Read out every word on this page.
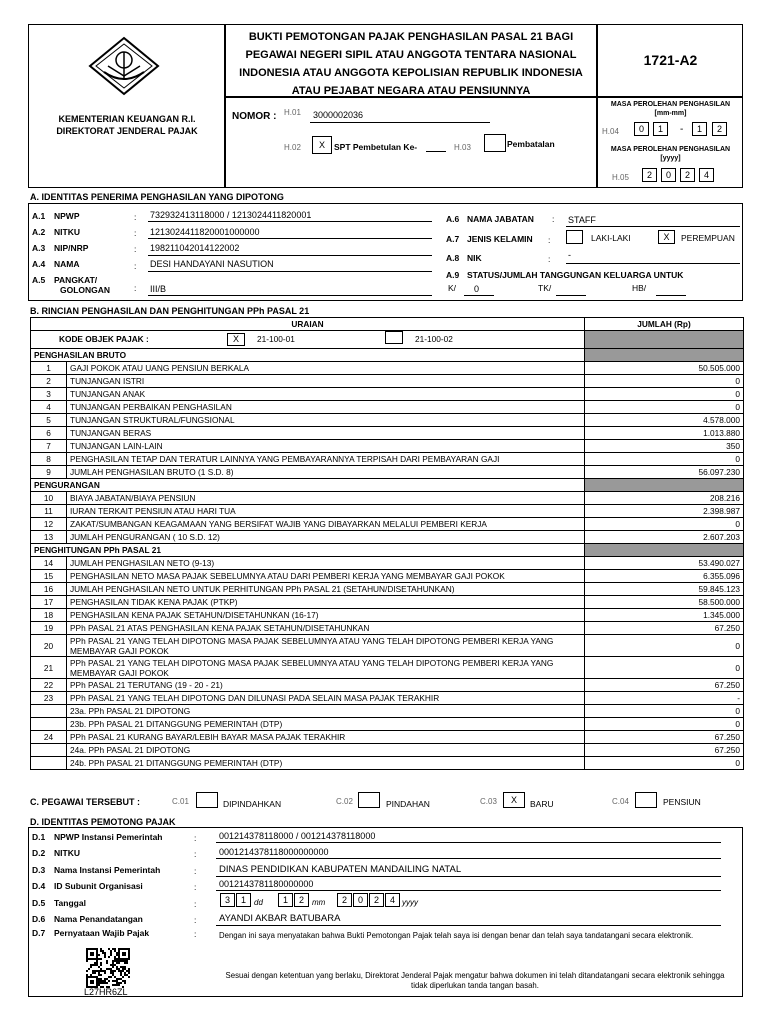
KEMENTERIAN KEUANGAN R.I.
DIREKTORAT JENDERAL PAJAK
BUKTI PEMOTONGAN PAJAK PENGHASILAN PASAL 21 BAGI
PEGAWAI NEGERI SIPIL ATAU ANGGOTA TENTARA NASIONAL
INDONESIA ATAU ANGGOTA KEPOLISIAN REPUBLIK INDONESIA
ATAU PEJABAT NEGARA ATAU PENSIUNNYA
1721-A2
NOMOR : H.01 3000002036
H.02	X	SPT Pembetulan Ke-	H.03	Pembatalan
MASA PEROLEHAN PENGHASILAN
[mm-mm]
H.04	0	1	-	1	2
MASA PEROLEHAN PENGHASILAN
[yyyy]
H.05	2	0	2	4
A. IDENTITAS PENERIMA PENGHASILAN YANG DIPOTONG
A.1 NPWP	: 732932413118000 / 1213024411820001
A.2 NITKU	: 1213024411820001000000
A.3 NIP/NRP	: 198211042014122002
A.4 NAMA	: DESI HANDAYANI NASUTION
A.5 PANGKAT/
GOLONGAN	: III/B
A.6 NAMA JABATAN : STAFF
A.7 JENIS KELAMIN :	LAKI-LAKI	X	PEREMPUAN
A.8 NIK	: -
A.9 STATUS/JUMLAH TANGGUNGAN KELUARGA UNTUK
K/ 0	TK/	HB/
B. RINCIAN PENGHASILAN DAN PENGHITUNGAN PPh PASAL 21
URAIAN		JUMLAH (Rp)

KODE OBJEK PAJAK : X 21-100-01 21-100-02		

PENGHASILAN BRUTO		
1	GAJI POKOK ATAU UANG PENSIUN BERKALA	50.505.000
2	TUNJANGAN ISTRI	0
3	TUNJANGAN ANAK	0
4	TUNJANGAN PERBAIKAN PENGHASILAN	0
5	TUNJANGAN STRUKTURAL/FUNGSIONAL	4.578.000
6	TUNJANGAN BERAS	1.013.880
7	TUNJANGAN LAIN-LAIN	350
8	PENGHASILAN TETAP DAN TERATUR LAINNYA YANG PEMBAYARANNYA TERPISAH DARI PEMBAYARAN GAJI	0
9	JUMLAH PENGHASILAN BRUTO (1 S.D. 8)	56.097.230
PENGURANGAN		
10	BIAYA JABATAN/BIAYA PENSIUN	208.216
11	IURAN TERKAIT PENSIUN ATAU HARI TUA	2.398.987
12	ZAKAT/SUMBANGAN KEAGAMAAN YANG BERSIFAT WAJIB YANG DIBAYARKAN MELALUI PEMBERI KERJA	0
13	JUMLAH PENGURANGAN ( 10 S.D. 12)	2.607.203
PENGHITUNGAN PPh PASAL 21		
14	JUMLAH PENGHASILAN NETO (9-13)	53.490.027
15	PENGHASILAN NETO MASA PAJAK SEBELUMNYA ATAU DARI PEMBERI KERJA YANG MEMBAYAR GAJI POKOK	6.355.096
16	JUMLAH PENGHASILAN NETO UNTUK PERHITUNGAN PPh PASAL 21 (SETAHUN/DISETAHUNKAN)	59.845.123
17	PENGHASILAN TIDAK KENA PAJAK (PTKP)	58.500.000
18	PENGHASILAN KENA PAJAK SETAHUN/DISETAHUNKAN (16-17)	1.345.000
19	PPh PASAL 21 ATAS PENGHASILAN KENA PAJAK SETAHUN/DISETAHUNKAN	67.250
20	PPh PASAL 21 YANG TELAH DIPOTONG MASA PAJAK SEBELUMNYA ATAU YANG TELAH DIPOTONG PEMBERI KERJA YANG MEMBAYAR GAJI POKOK	0
21	PPh PASAL 21 YANG TELAH DIPOTONG MASA PAJAK SEBELUMNYA ATAU YANG TELAH DIPOTONG PEMBERI KERJA YANG MEMBAYAR GAJI POKOK	0
22	PPh PASAL 21 TERUTANG (19 - 20 - 21)	67.250
23	PPh PASAL 21 YANG TELAH DIPOTONG DAN DILUNASI PADA SELAIN MASA PAJAK TERAKHIR	-
	23a. PPh PASAL 21 DIPOTONG	0
	23b. PPh PASAL 21 DITANGGUNG PEMERINTAH (DTP)	0
24	PPh PASAL 21 KURANG BAYAR/LEBIH BAYAR MASA PAJAK TERAKHIR	67.250
	24a. PPh PASAL 21 DIPOTONG	67.250
	24b. PPh PASAL 21 DITANGGUNG PEMERINTAH (DTP)	0
C. PEGAWAI TERSEBUT :	C.01	DIPINDAHKAN	C.02	PINDAHAN	C.03	X	BARU	C.04	PENSIUN
D. IDENTITAS PEMOTONG PAJAK
D.1 NPWP Instansi Pemerintah	:	001214378118000 / 001214378118000
D.2 NITKU	:	0001214378118000000000
D.3 Nama Instansi Pemerintah	: DINAS PENDIDIKAN KABUPATEN MANDAILING NATAL
D.4 ID Subunit Organisasi	:	0012143781180000000
D.5 Tanggal	:	3	1	dd	1	2	mm	2	0	2	4 yyyy
D.6 Nama Penandatangan	: AYANDI AKBAR BATUBARA
D.7 Pernyataan Wajib Pajak	:	Dengan ini saya menyatakan bahwa Bukti Pemotongan Pajak telah saya isi dengan benar dan telah saya tandatangani secara elektronik.
L27HR6ZL
Sesuai dengan ketentuan yang berlaku, Direktorat Jenderal Pajak mengatur bahwa dokumen ini telah ditandatangani secara elektronik sehingga tidak diperlukan tanda tangan basah.
